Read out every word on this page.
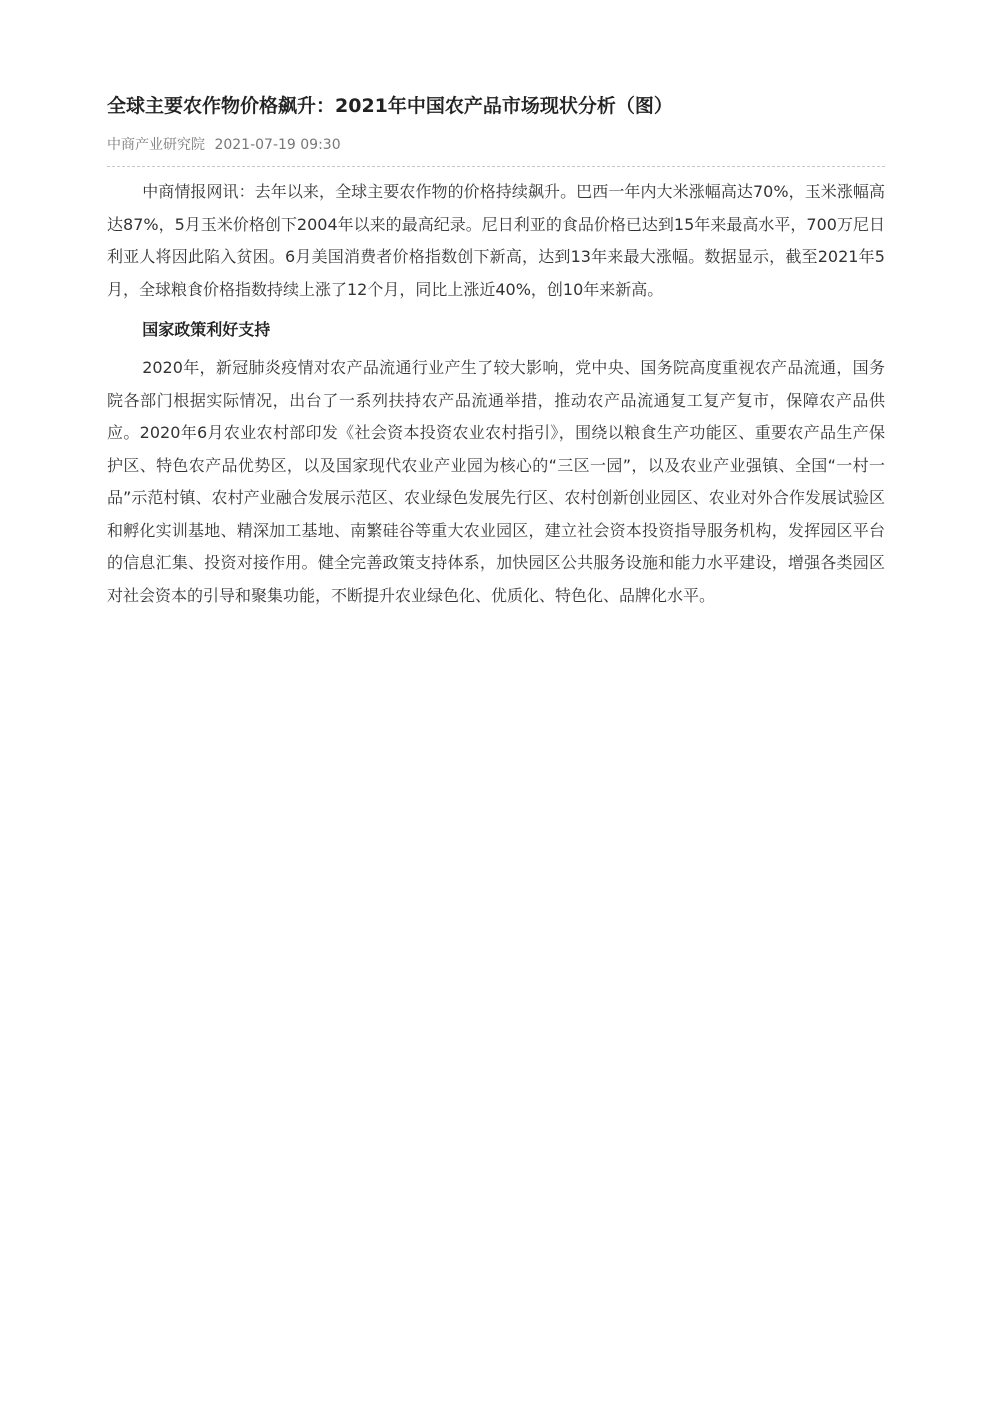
全球主要农作物价格飙升：2021年中国农产品市场现状分析（图）
中商产业研究院 2021-07-19 09:30

中商情报网讯：去年以来，全球主要农作物的价格持续飙升。巴西一年内大米涨幅高达70%，玉米涨幅高达87%，5月玉米价格创下2004年以来的最高纪录。尼日利亚的食品价格已达到15年来最高水平，700万尼日利亚人将因此陷入贫困。6月美国消费者价格指数创下新高，达到13年来最大涨幅。数据显示，截至2021年5月，全球粮食价格指数持续上涨了12个月，同比上涨近40%，创10年来新高。

国家政策利好支持

2020年，新冠肺炎疫情对农产品流通行业产生了较大影响，党中央、国务院高度重视农产品流通，国务院各部门根据实际情况，出台了一系列扶持农产品流通举措，推动农产品流通复工复产复市，保障农产品供应。2020年6月农业农村部印发《社会资本投资农业农村指引》，围绕以粮食生产功能区、重要农产品生产保护区、特色农产品优势区，以及国家现代农业产业园为核心的“三区一园”，以及农业产业强镇、全国“一村一品”示范村镇、农村产业融合发展示范区、农业绿色发展先行区、农村创新创业园区、农业对外合作发展试验区和孵化实训基地、精深加工基地、南繁硅谷等重大农业园区，建立社会资本投资指导服务机构，发挥园区平台的信息汇集、投资对接作用。健全完善政策支持体系，加快园区公共服务设施和能力水平建设，增强各类园区对社会资本的引导和聚集功能，不断提升农业绿色化、优质化、特色化、品牌化水平。
